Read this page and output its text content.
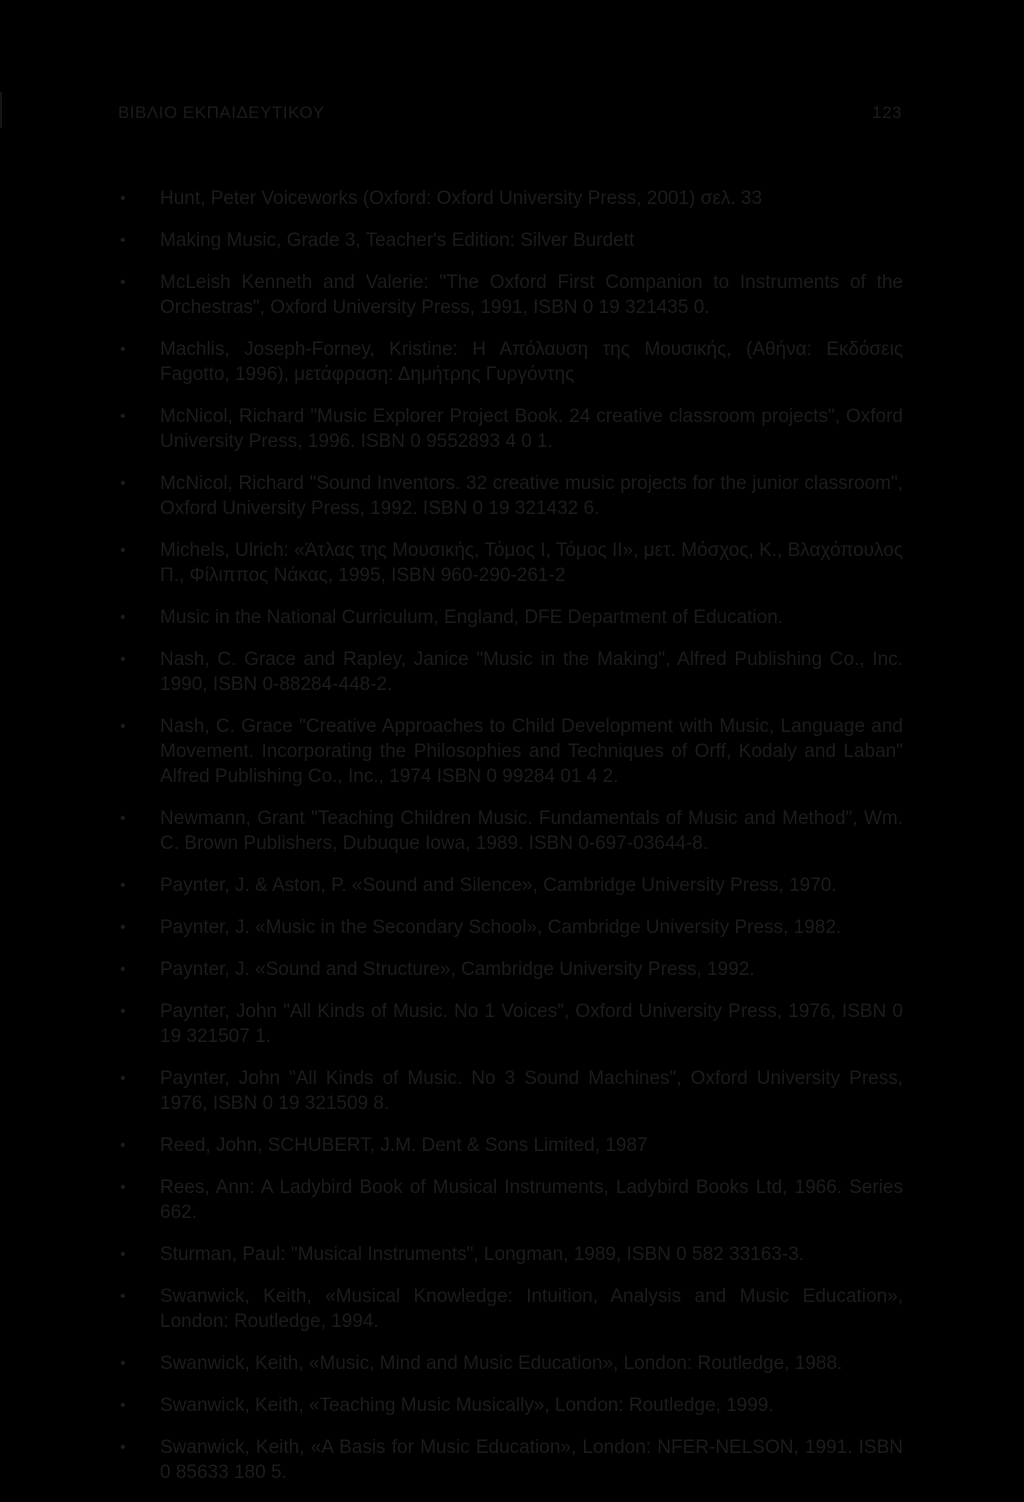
ΒΙΒΛΙΟ ΕΚΠΑΙΔΕΥΤΙΚΟΥ	123
•	Hunt, Peter Voiceworks (Oxford: Oxford University Press, 2001) σελ. 33
•	Making Music, Grade 3, Teacher's Edition: Silver Burdett
•	McLeish Kenneth and Valerie: "The Oxford First Companion to Instruments of the Orchestras", Oxford University Press, 1991, ISBN 0 19 321435 0.
•	Machlis, Joseph-Forney, Kristine: Η Απόλαυση της Μουσικής, (Αθήνα: Εκδόσεις Fagotto, 1996), μετάφραση: Δημήτρης Γυργόντης
•	McNicol, Richard "Music Explorer Project Book. 24 creative classroom projects", Oxford University Press, 1996. ISBN 0 9552893 4 0 1.
•	McNicol, Richard "Sound Inventors. 32 creative music projects for the junior classroom", Oxford University Press, 1992. ISBN 0 19 321432 6.
•	Michels, Ulrich: «Άτλας της Μουσικής, Τόμος Ι, Τόμος ΙΙ», μετ. Μόσχος, Κ., Βλαχόπουλος Π., Φίλιππος Νάκας, 1995, ISBN 960-290-261-2
•	Music in the National Curriculum, England, DFE Department of Education.
•	Nash, C. Grace and Rapley, Janice "Music in the Making", Alfred Publishing Co., Inc. 1990, ISBN 0-88284-448-2.
•	Nash, C. Grace "Creative Approaches to Child Development with Music, Language and Movement. Incorporating the Philosophies and Techniques of Orff, Kodaly and Laban" Alfred Publishing Co., Inc., 1974 ISBN 0 99284 01 4 2.
•	Newmann, Grant "Teaching Children Music. Fundamentals of Music and Method", Wm. C. Brown Publishers, Dubuque Iowa, 1989. ISBN 0-697-03644-8.
•	Paynter, J. & Aston, P. «Sound and Silence», Cambridge University Press, 1970.
•	Paynter, J. «Music in the Secondary School», Cambridge University Press, 1982.
•	Paynter, J. «Sound and Structure», Cambridge University Press, 1992.
•	Paynter, John "All Kinds of Music. No 1 Voices", Oxford University Press, 1976, ISBN 0 19 321507 1.
•	Paynter, John "All Kinds of Music. No 3 Sound Machines", Oxford University Press, 1976, ISBN 0 19 321509 8.
•	Reed, John, SCHUBERT, J.M. Dent & Sons Limited, 1987
•	Rees, Ann: A Ladybird Book of Musical Instruments, Ladybird Books Ltd, 1966. Series 662.
•	Sturman, Paul: "Musical Instruments", Longman, 1989, ISBN 0 582 33163-3.
•	Swanwick, Keith, «Musical Knowledge: Intuition, Analysis and Music Education», London: Routledge, 1994.
•	Swanwick, Keith, «Music, Mind and Music Education», London: Routledge, 1988.
•	Swanwick, Keith, «Teaching Music Musically», London: Routledge, 1999.
•	Swanwick, Keith, «A Basis for Music Education», London: NFER-NELSON, 1991. ISBN 0 85633 180 5.
